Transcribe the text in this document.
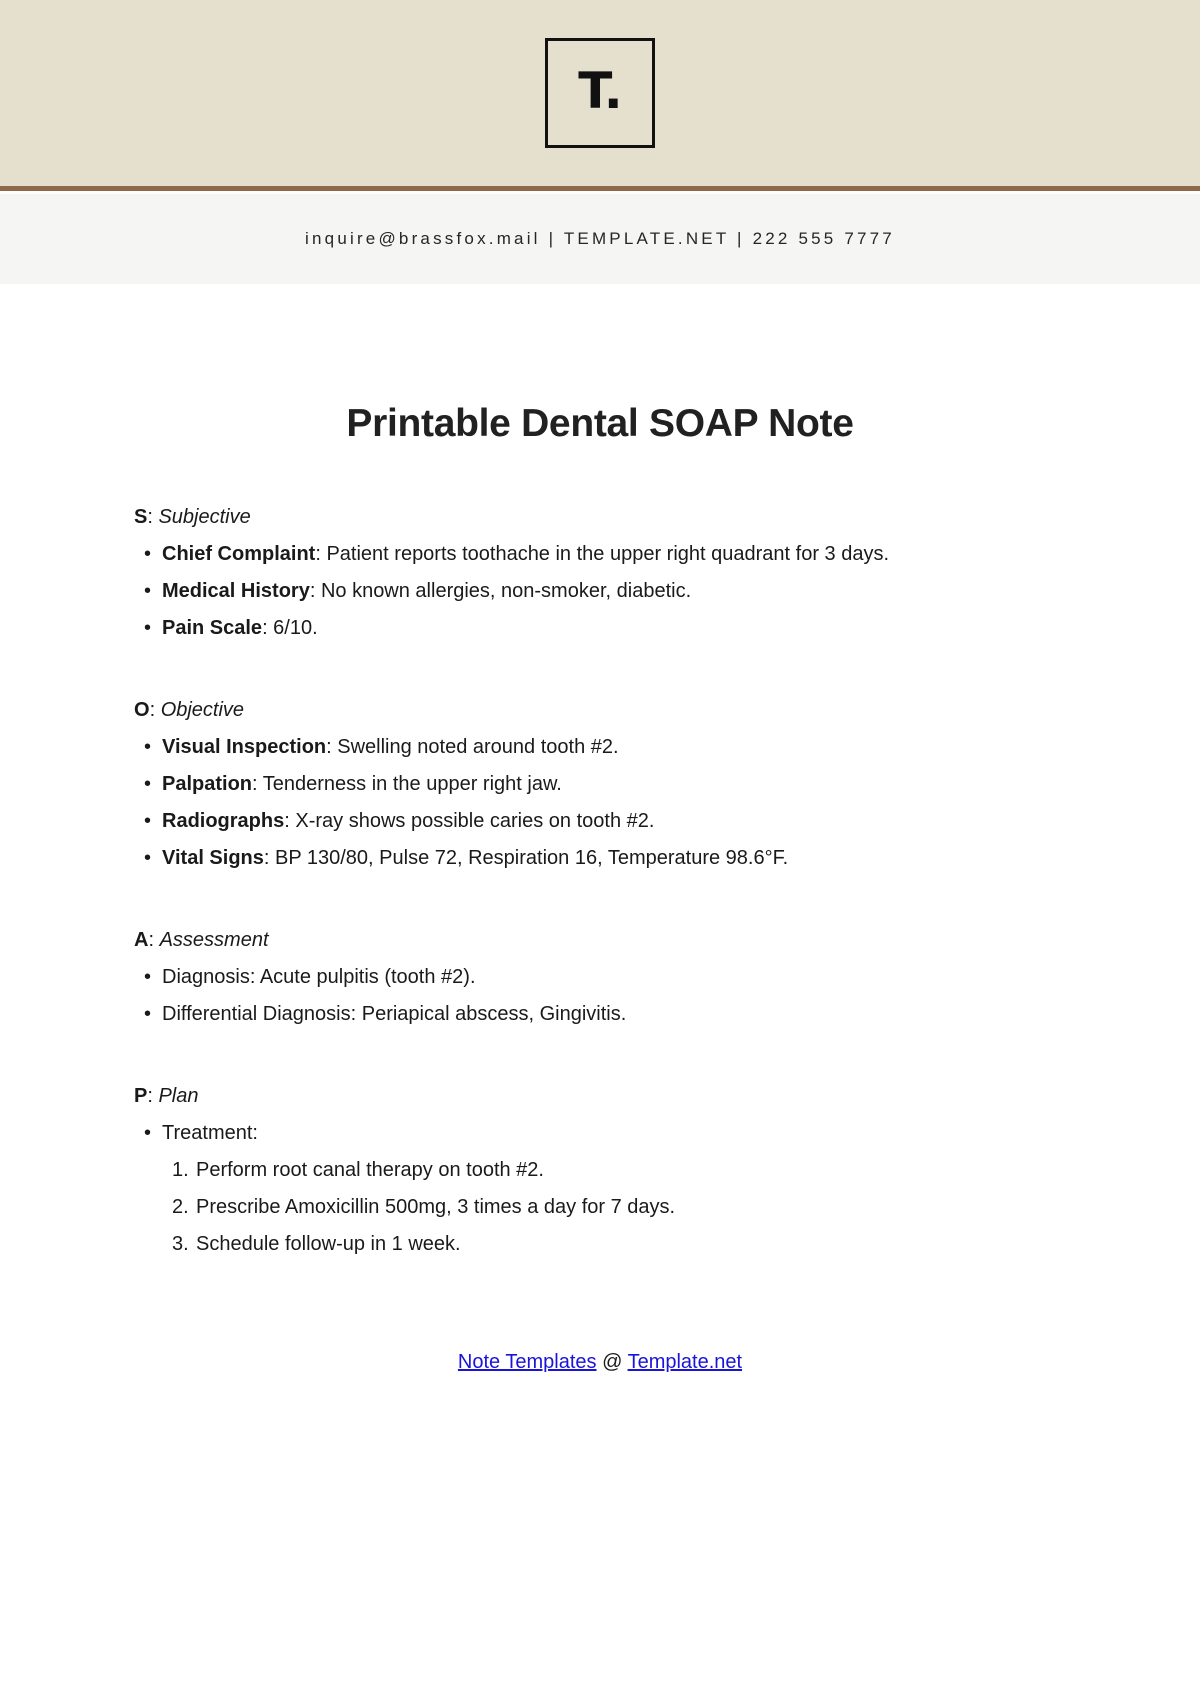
T.
inquire@brassfox.mail | TEMPLATE.NET | 222 555 7777
Printable Dental SOAP Note

S: Subjective

• Chief Complaint: Patient reports toothache in the upper right quadrant for 3 days.
• Medical History: No known allergies, non-smoker, diabetic.
• Pain Scale: 6/10.

O: Objective

• Visual Inspection: Swelling noted around tooth #2.
• Palpation: Tenderness in the upper right jaw.
• Radiographs: X-ray shows possible caries on tooth #2.
• Vital Signs: BP 130/80, Pulse 72, Respiration 16, Temperature 98.6°F.

A: Assessment

• Diagnosis: Acute pulpitis (tooth #2).
• Differential Diagnosis: Periapical abscess, Gingivitis.

P: Plan

• Treatment:
Perform root canal therapy on tooth #2.
Prescribe Amoxicillin 500mg, 3 times a day for 7 days.
Schedule follow-up in 1 week.
Note Templates @ Template.net
